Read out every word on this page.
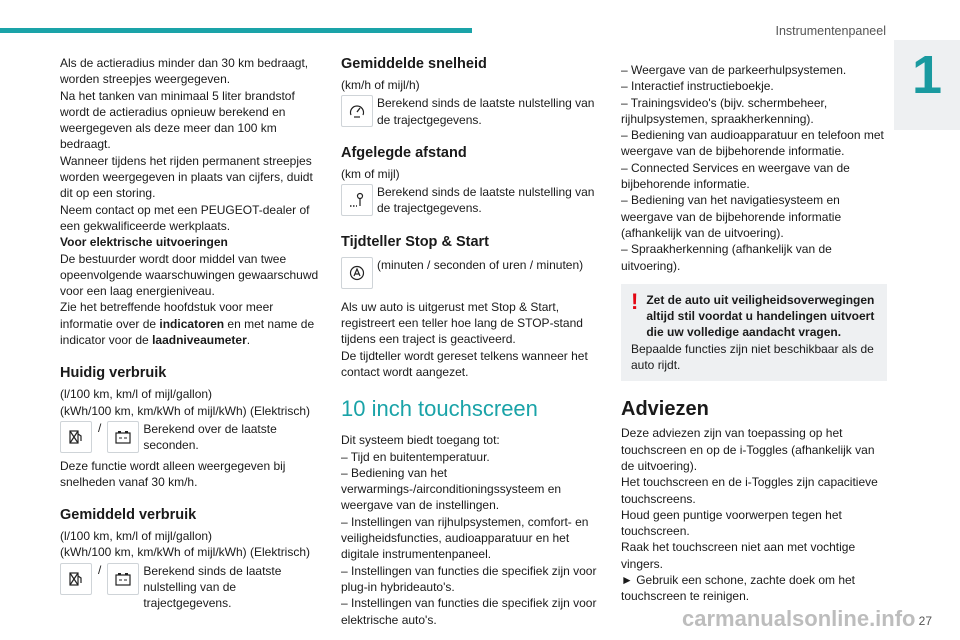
Instrumentenpaneel
1

Als de actieradius minder dan 30 km bedraagt, worden streepjes weergegeven.

Na het tanken van minimaal 5 liter brandstof wordt de actieradius opnieuw berekend en weergegeven als deze meer dan 100 km bedraagt.

Wanneer tijdens het rijden permanent streepjes worden weergegeven in plaats van cijfers, duidt dit op een storing.

Neem contact op met een PEUGEOT-dealer of een gekwalificeerde werkplaats.

Voor elektrische uitvoeringen

De bestuurder wordt door middel van twee opeenvolgende waarschuwingen gewaarschuwd voor een laag energieniveau.

Zie het betreffende hoofdstuk voor meer informatie over de indicatoren en met name de indicator voor de laadniveaumeter.

Huidig verbruik

(l/100 km, km/l of mijl/gallon)

(kWh/100 km, km/kWh of mijl/kWh) (Elektrisch)

/	Berekend over de laatste seconden.

Deze functie wordt alleen weergegeven bij snelheden vanaf 30 km/h.

Gemiddeld verbruik

(l/100 km, km/l of mijl/gallon)

(kWh/100 km, km/kWh of mijl/kWh) (Elektrisch)

/	Berekend sinds de laatste nulstelling van de trajectgegevens.

Gemiddelde snelheid

(km/h of mijl/h)

Berekend sinds de laatste nulstelling van de trajectgegevens.

Afgelegde afstand

(km of mijl)

Berekend sinds de laatste nulstelling van de trajectgegevens.

Tijdteller Stop & Start

(minuten / seconden of uren / minuten)

Als uw auto is uitgerust met Stop & Start, registreert een teller hoe lang de STOP-stand tijdens een traject is geactiveerd.

De tijdteller wordt gereset telkens wanneer het contact wordt aangezet.

10 inch touchscreen

Dit systeem biedt toegang tot:

– Tijd en buitentemperatuur.

– Bediening van het verwarmings-/airconditioningssysteem en weergave van de instellingen.

– Instellingen van rijhulpsystemen, comfort- en veiligheidsfuncties, audioapparatuur en het digitale instrumentenpaneel.

– Instellingen van functies die specifiek zijn voor plug-in hybrideauto's.

– Instellingen van functies die specifiek zijn voor elektrische auto's.

– Weergave van de parkeerhulpsystemen.

– Interactief instructieboekje.

– Trainingsvideo's (bijv. schermbeheer, rijhulpsystemen, spraakherkenning).

– Bediening van audioapparatuur en telefoon met weergave van de bijbehorende informatie.

– Connected Services en weergave van de bijbehorende informatie.

– Bediening van het navigatiesysteem en weergave van de bijbehorende informatie (afhankelijk van de uitvoering).

– Spraakherkenning (afhankelijk van de uitvoering).

! Zet de auto uit veiligheidsoverwegingen altijd stil voordat u handelingen uitvoert die uw volledige aandacht vragen.

Bepaalde functies zijn niet beschikbaar als de auto rijdt.

Adviezen

Deze adviezen zijn van toepassing op het touchscreen en op de i-Toggles (afhankelijk van de uitvoering).

Het touchscreen en de i-Toggles zijn capacitieve touchscreens.

Houd geen puntige voorwerpen tegen het touchscreen.

Raak het touchscreen niet aan met vochtige vingers.

► Gebruik een schone, zachte doek om het touchscreen te reinigen.

carmanualsonline.info 27
